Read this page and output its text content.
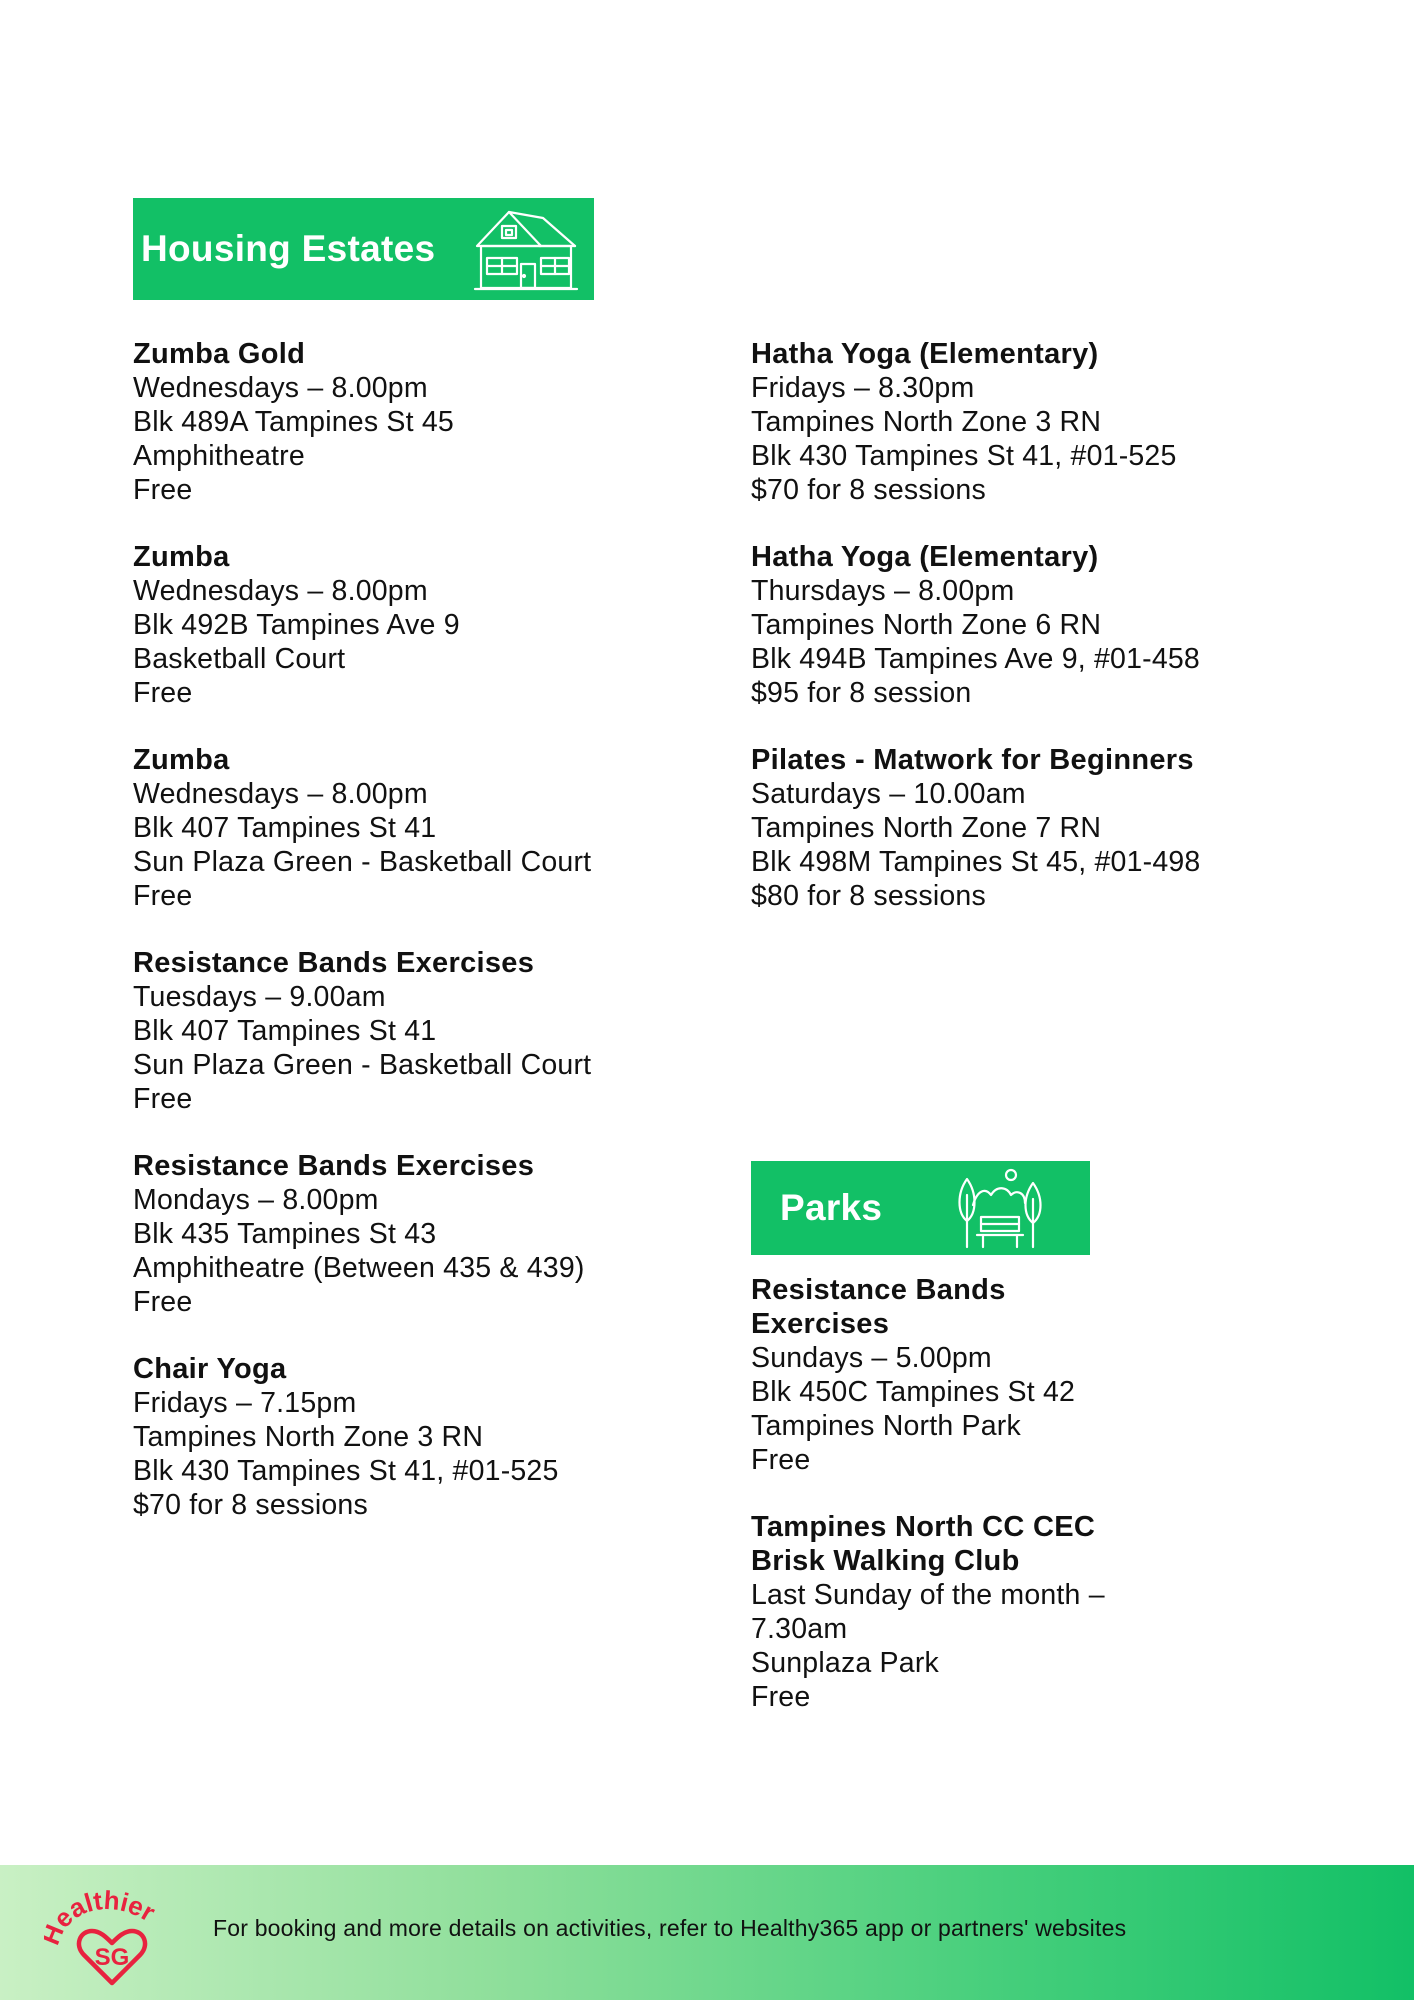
Housing Estates
Zumba Gold
Wednesdays – 8.00pm
Blk 489A Tampines St 45
Amphitheatre
Free
Zumba
Wednesdays – 8.00pm
Blk 492B Tampines Ave 9
Basketball Court
Free
Zumba
Wednesdays – 8.00pm
Blk 407 Tampines St 41
Sun Plaza Green - Basketball Court
Free
Resistance Bands Exercises
Tuesdays – 9.00am
Blk 407 Tampines St 41
Sun Plaza Green - Basketball Court
Free
Resistance Bands Exercises
Mondays – 8.00pm
Blk 435 Tampines St 43
Amphitheatre (Between 435 & 439)
Free
Chair Yoga
Fridays – 7.15pm
Tampines North Zone 3 RN
Blk 430 Tampines St 41, #01-525
$70 for 8 sessions
Hatha Yoga (Elementary)
Fridays – 8.30pm
Tampines North Zone 3 RN
Blk 430 Tampines St 41, #01-525
$70 for 8 sessions
Hatha Yoga (Elementary)
Thursdays – 8.00pm
Tampines North Zone 6 RN
Blk 494B Tampines Ave 9, #01-458
$95 for 8 session
Pilates - Matwork for Beginners
Saturdays – 10.00am
Tampines North Zone 7 RN
Blk 498M Tampines St 45, #01-498
$80 for 8 sessions
Parks
Resistance Bands Exercises
Sundays – 5.00pm
Blk 450C Tampines St 42
Tampines North Park
Free
Tampines North CC CEC
Brisk Walking Club
Last Sunday of the month –
7.30am
Sunplaza Park
Free
ealthier
SG
For booking and more details on activities, refer to Healthy365 app or partners' websites
